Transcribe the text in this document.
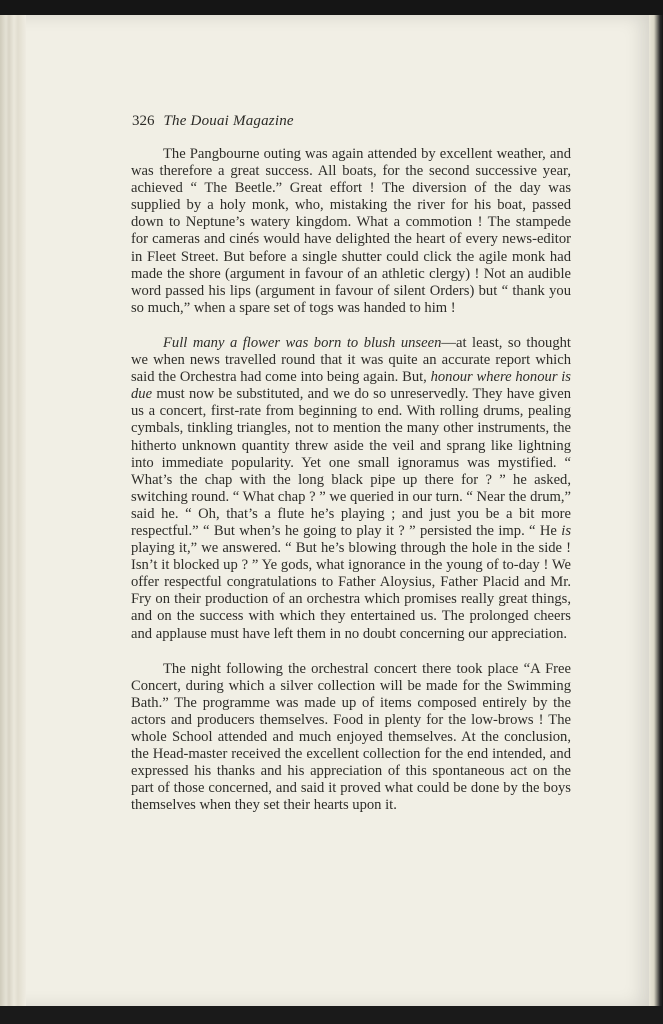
326 The Douai Magazine

The Pangbourne outing was again attended by excellent weather, and was therefore a great success. All boats, for the second successive year, achieved “ The Beetle.” Great effort ! The diversion of the day was supplied by a holy monk, who, mistaking the river for his boat, passed down to Neptune’s watery kingdom. What a commotion ! The stampede for cameras and cinés would have delighted the heart of every news-editor in Fleet Street. But before a single shutter could click the agile monk had made the shore (argument in favour of an athletic clergy) ! Not an audible word passed his lips (argument in favour of silent Orders) but “ thank you so much,” when a spare set of togs was handed to him !

Full many a flower was born to blush unseen—at least, so thought we when news travelled round that it was quite an accurate report which said the Orchestra had come into being again. But, honour where honour is due must now be substituted, and we do so unreservedly. They have given us a concert, first-rate from beginning to end. With rolling drums, pealing cymbals, tinkling triangles, not to mention the many other instruments, the hitherto unknown quantity threw aside the veil and sprang like lightning into immediate popularity. Yet one small ignoramus was mystified. “ What’s the chap with the long black pipe up there for ? ” he asked, switching round. “ What chap ? ” we queried in our turn. “ Near the drum,” said he. “ Oh, that’s a flute he’s playing ; and just you be a bit more respectful.” “ But when’s he going to play it ? ” persisted the imp. “ He is playing it,” we answered. “ But he’s blowing through the hole in the side ! Isn’t it blocked up ? ” Ye gods, what ignorance in the young of to-day ! We offer respectful congratulations to Father Aloysius, Father Placid and Mr. Fry on their production of an orchestra which promises really great things, and on the success with which they entertained us. The prolonged cheers and applause must have left them in no doubt concerning our appreciation.

The night following the orchestral concert there took place “A Free Concert, during which a silver collection will be made for the Swimming Bath.” The programme was made up of items composed entirely by the actors and producers themselves. Food in plenty for the low-brows ! The whole School attended and much enjoyed themselves. At the conclusion, the Head-master received the excellent collection for the end intended, and expressed his thanks and his appreciation of this spontaneous act on the part of those concerned, and said it proved what could be done by the boys themselves when they set their hearts upon it.
